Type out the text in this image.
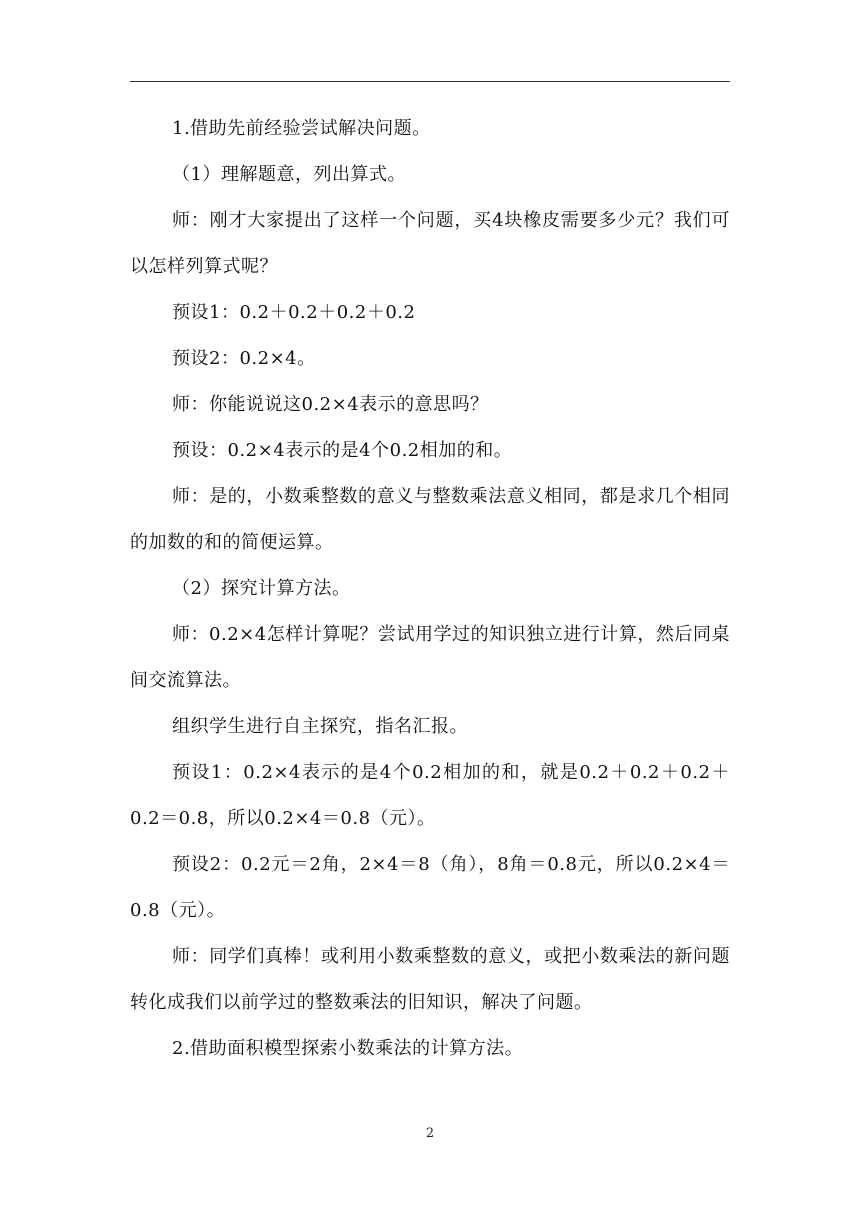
1.借助先前经验尝试解决问题。

（1）理解题意，列出算式。

师：刚才大家提出了这样一个问题，买4块橡皮需要多少元？我们可以怎样列算式呢？

预设1：0.2＋0.2＋0.2＋0.2

预设2：0.2×4。

师：你能说说这0.2×4表示的意思吗？

预设：0.2×4表示的是4个0.2相加的和。

师：是的，小数乘整数的意义与整数乘法意义相同，都是求几个相同的加数的和的简便运算。

（2）探究计算方法。

师：0.2×4怎样计算呢？尝试用学过的知识独立进行计算，然后同桌间交流算法。

组织学生进行自主探究，指名汇报。

预设1：0.2×4表示的是4个0.2相加的和，就是0.2＋0.2＋0.2＋0.2＝0.8，所以0.2×4＝0.8（元）。

预设2：0.2元＝2角，2×4＝8（角），8角＝0.8元，所以0.2×4＝0.8（元）。

师：同学们真棒！或利用小数乘整数的意义，或把小数乘法的新问题转化成我们以前学过的整数乘法的旧知识，解决了问题。

2.借助面积模型探索小数乘法的计算方法。

2
